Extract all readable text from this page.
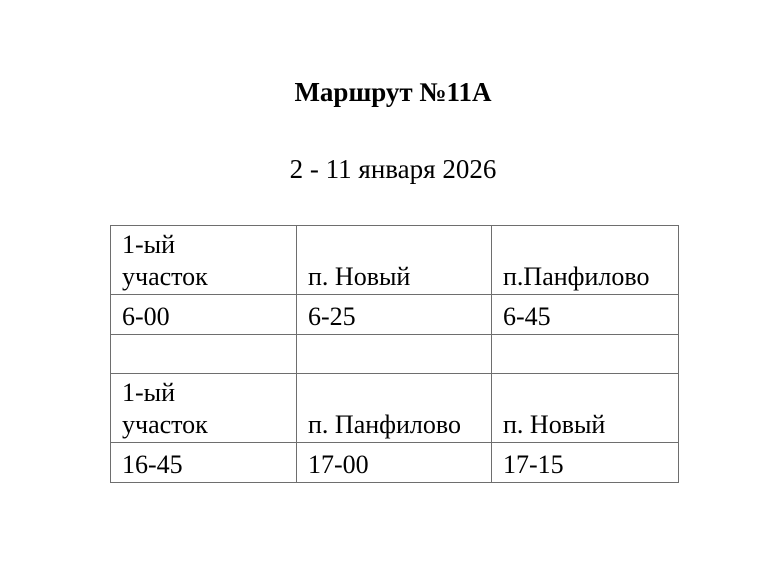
Маршрут №11А
2 - 11 января 2026
1-ый
участок	п. Новый	п.Панфилово
6-00	6-25	6-45

1-ый
участок	п. Панфилово	п. Новый
16-45	17-00	17-15
